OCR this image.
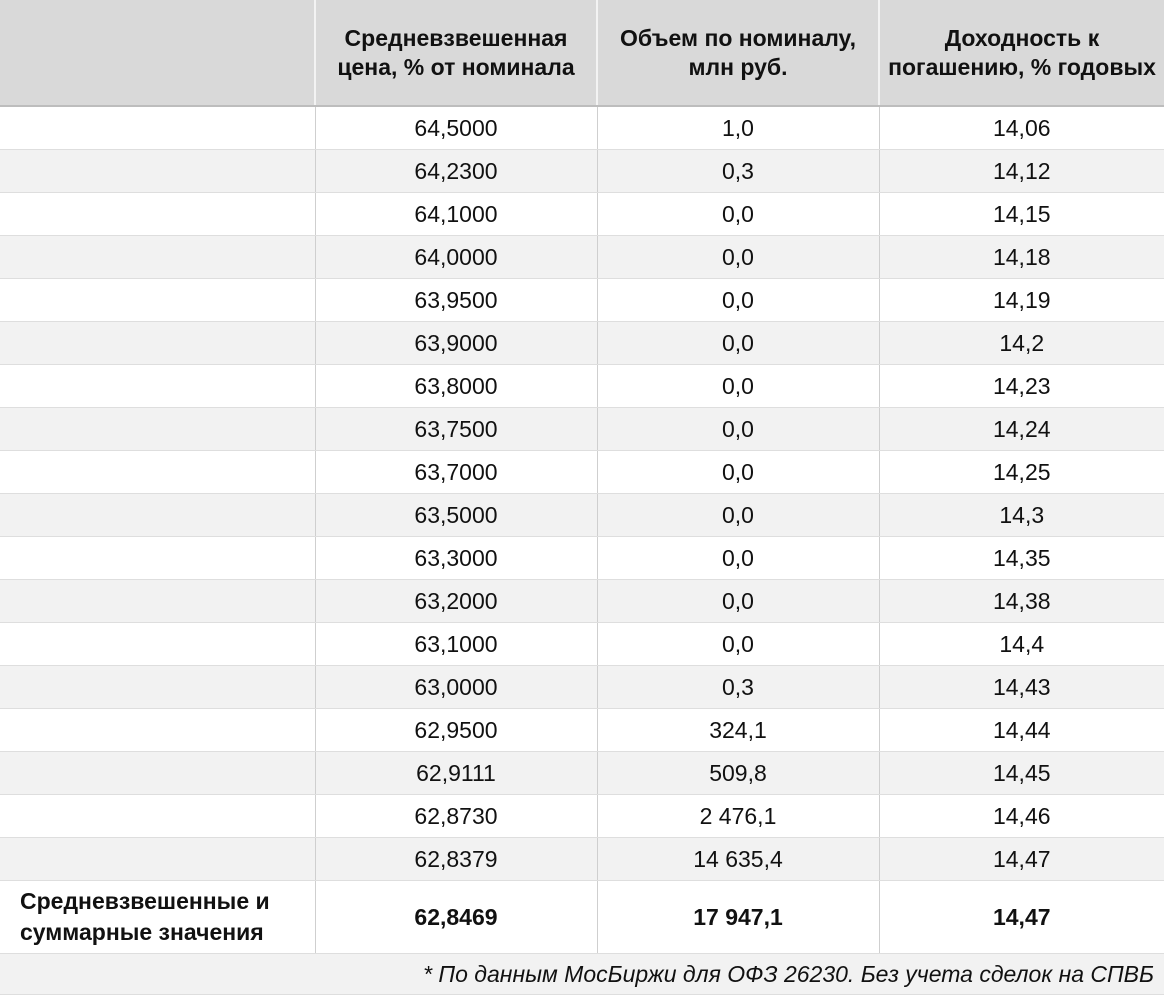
	Средневзвешенная цена, % от номинала	Объем по номиналу, млн руб.	Доходность к погашению, % годовых
	64,5000	1,0	14,06
	64,2300	0,3	14,12
	64,1000	0,0	14,15
	64,0000	0,0	14,18
	63,9500	0,0	14,19
	63,9000	0,0	14,2
	63,8000	0,0	14,23
	63,7500	0,0	14,24
	63,7000	0,0	14,25
	63,5000	0,0	14,3
	63,3000	0,0	14,35
	63,2000	0,0	14,38
	63,1000	0,0	14,4
	63,0000	0,3	14,43
	62,9500	324,1	14,44
	62,9111	509,8	14,45
	62,8730	2 476,1	14,46
	62,8379	14 635,4	14,47
Средневзвешенные и
суммарные значения	62,8469	17 947,1	14,47
* По данным МосБиржи для ОФЗ 26230. Без учета сделок на СПВБ			
